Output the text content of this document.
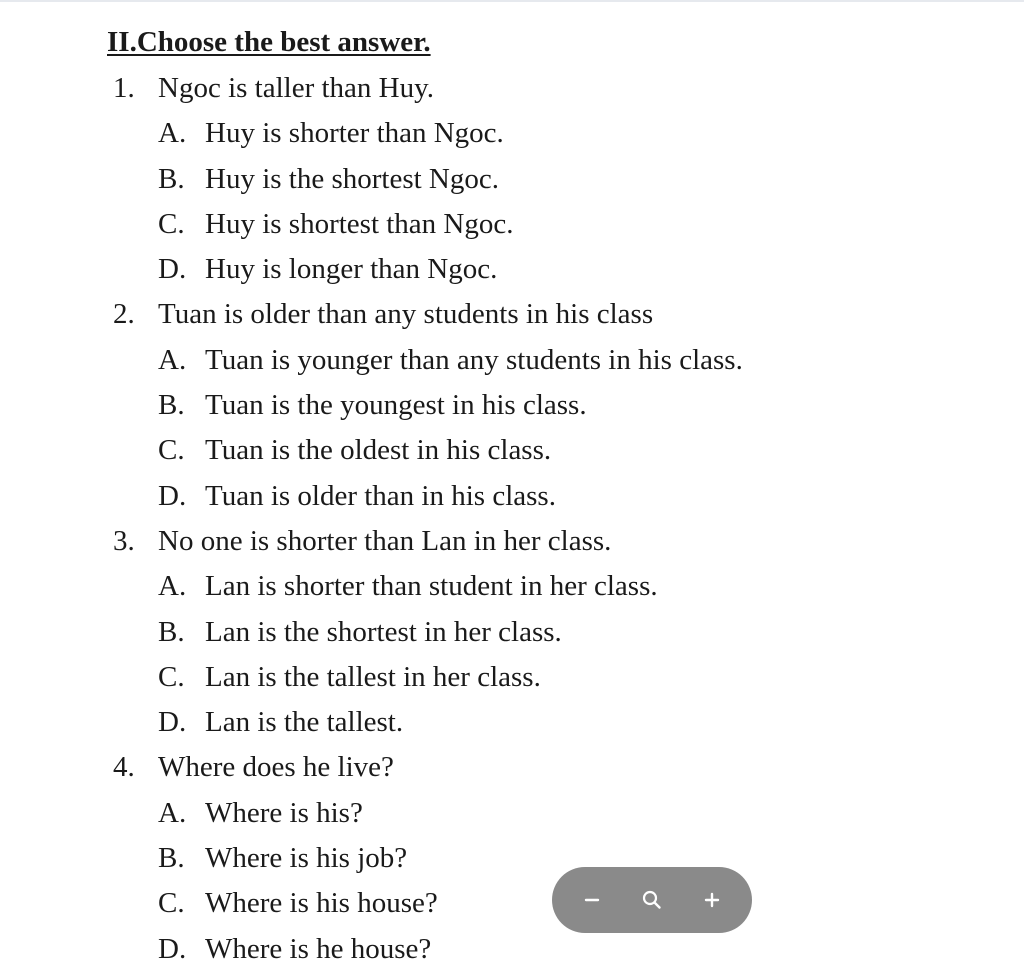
II.Choose the best answer.
1. Ngoc is taller than Huy.
A. Huy is shorter than Ngoc.
B. Huy is the shortest Ngoc.
C. Huy is shortest than Ngoc.
D. Huy is longer than Ngoc.
2. Tuan is older than any students in his class
A. Tuan is younger than any students in his class.
B. Tuan is the youngest in his class.
C. Tuan is the oldest in his class.
D. Tuan is older than in his class.
3. No one is shorter than Lan in her class.
A. Lan is shorter than student in her class.
B. Lan is the shortest in her class.
C. Lan is the tallest in her class.
D. Lan is the tallest.
4. Where does he live?
A. Where is his?
B. Where is his job?
C. Where is his house?
D. Where is he house?
